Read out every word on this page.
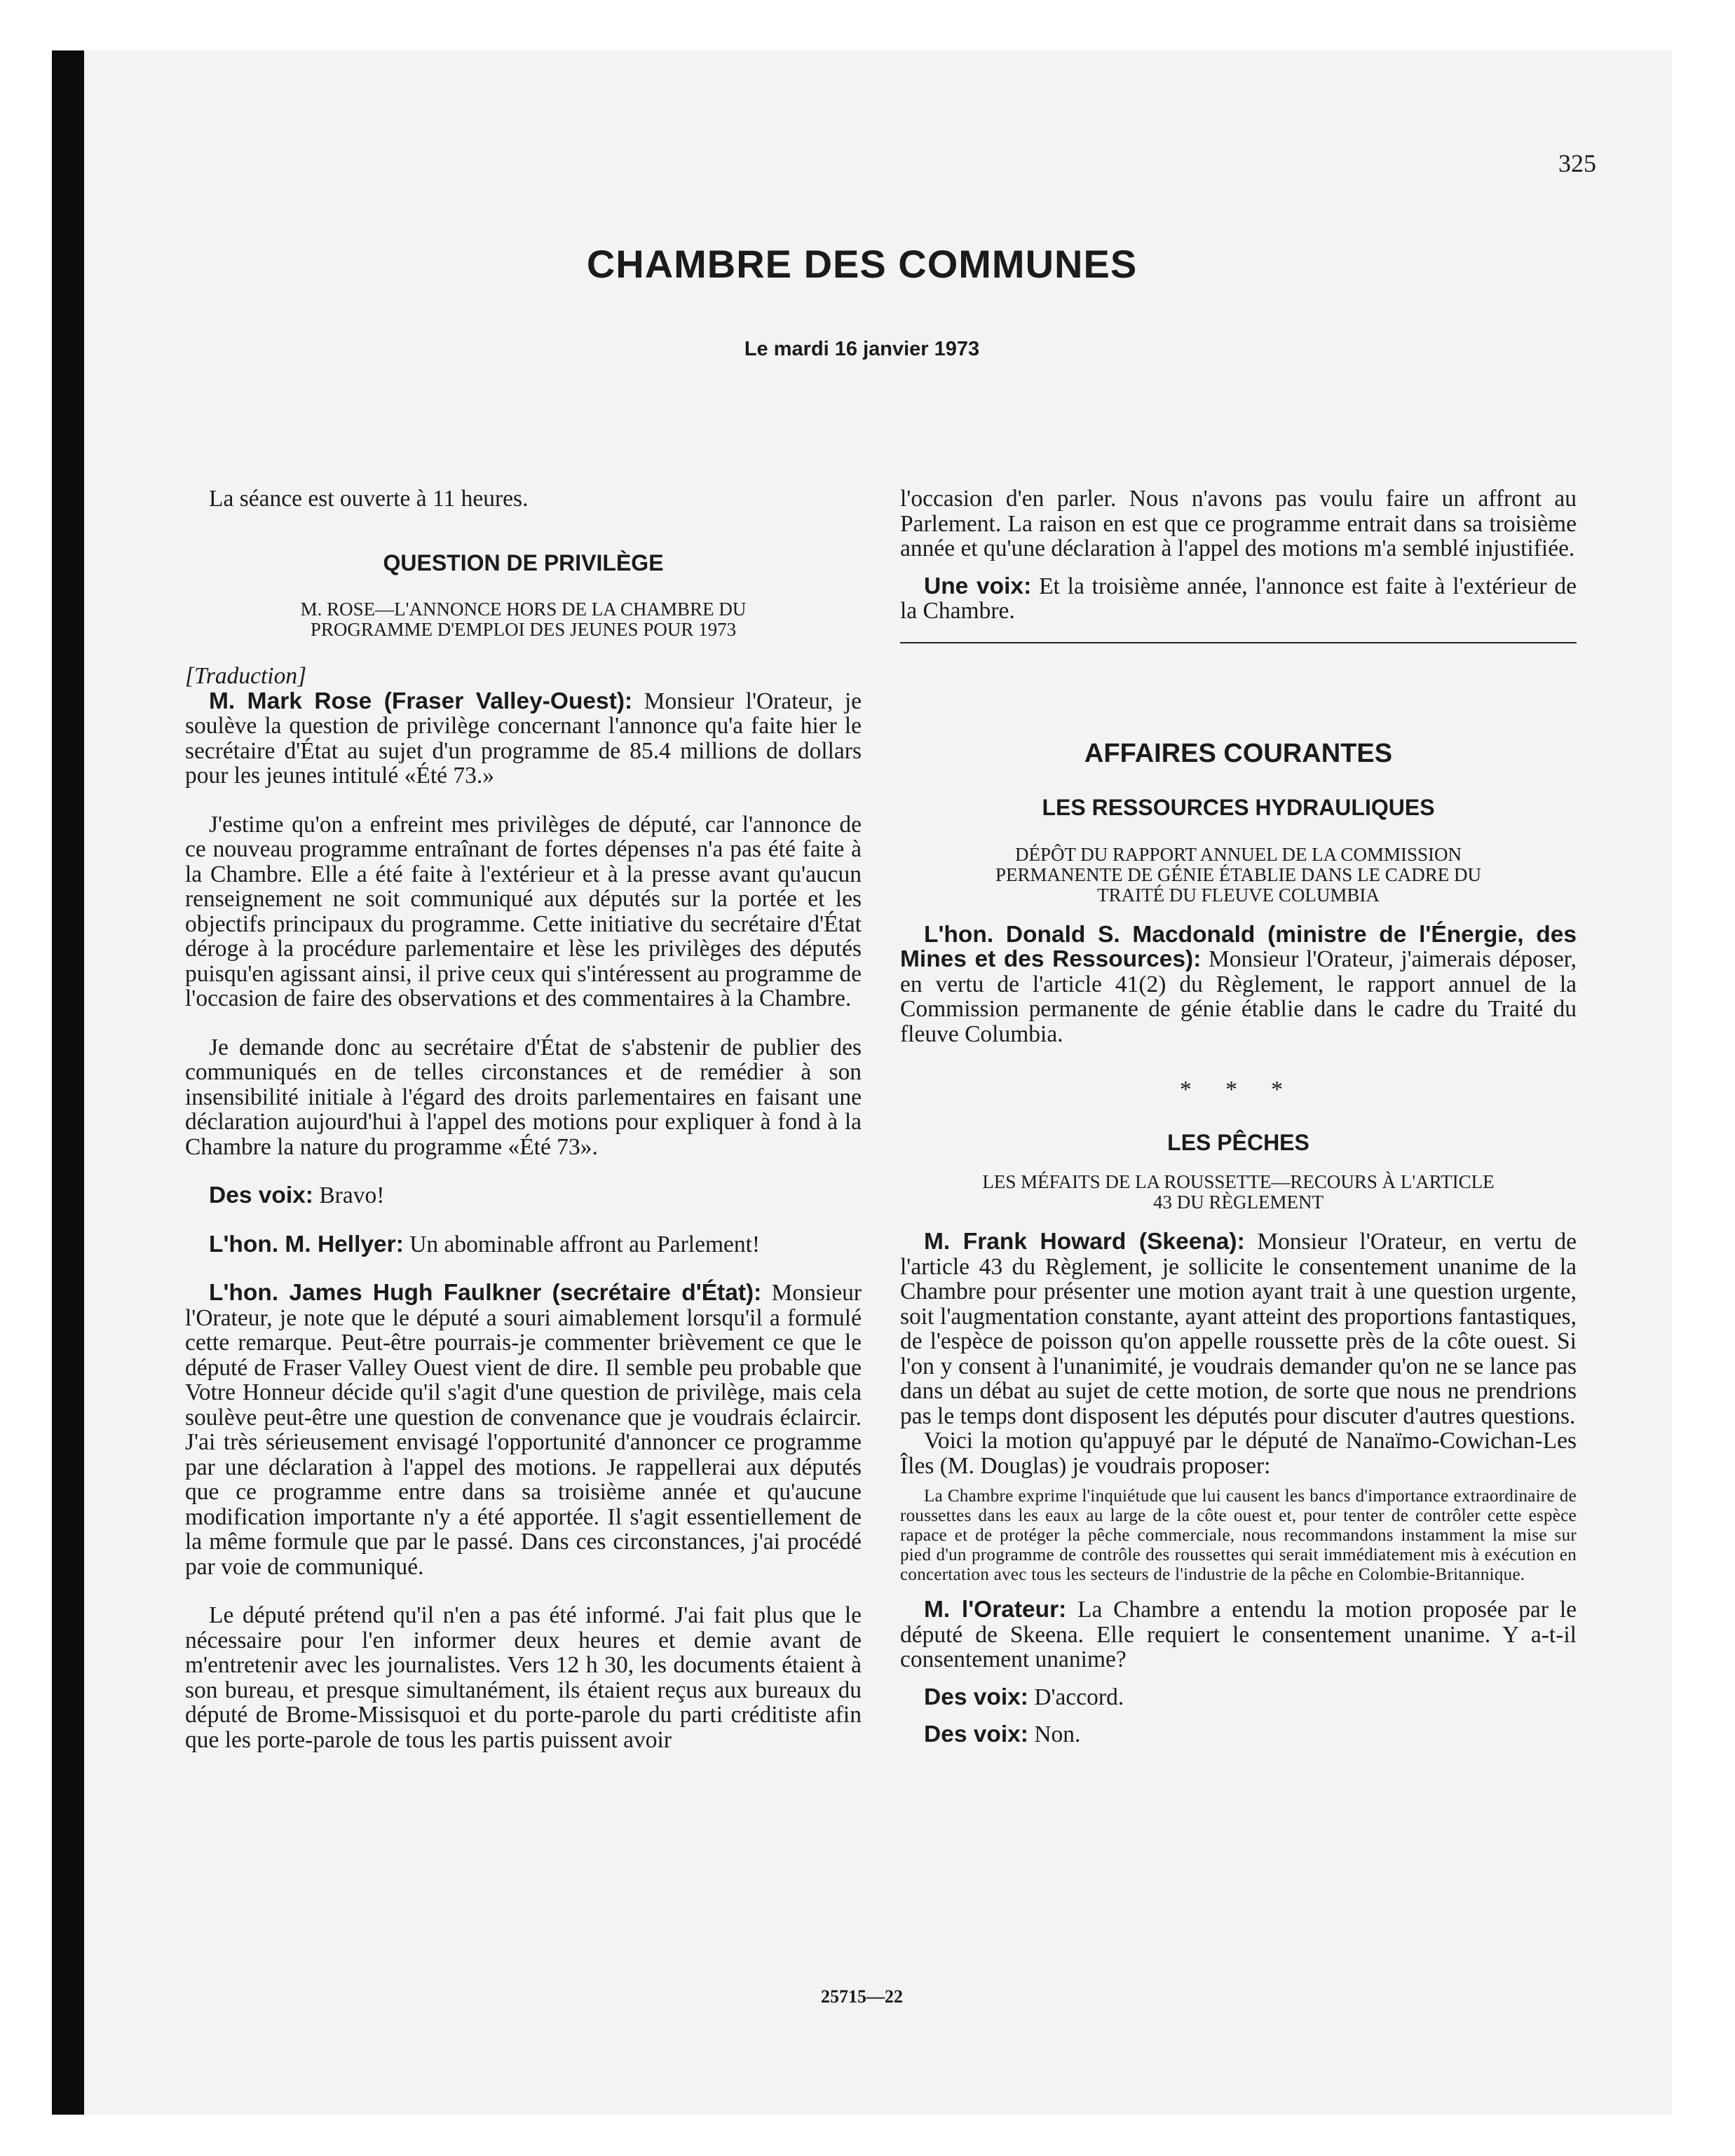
325
CHAMBRE DES COMMUNES
Le mardi 16 janvier 1973

La séance est ouverte à 11 heures.

QUESTION DE PRIVILÈGE
M. ROSE—L'ANNONCE HORS DE LA CHAMBRE DU
PROGRAMME D'EMPLOI DES JEUNES POUR 1973

[Traduction]

M. Mark Rose (Fraser Valley-Ouest): Monsieur l'Orateur, je soulève la question de privilège concernant l'annonce qu'a faite hier le secrétaire d'État au sujet d'un programme de 85.4 millions de dollars pour les jeunes intitulé «Été 73.»

J'estime qu'on a enfreint mes privilèges de député, car l'annonce de ce nouveau programme entraînant de fortes dépenses n'a pas été faite à la Chambre. Elle a été faite à l'extérieur et à la presse avant qu'aucun renseignement ne soit communiqué aux députés sur la portée et les objectifs principaux du programme. Cette initiative du secrétaire d'État déroge à la procédure parlementaire et lèse les privilèges des députés puisqu'en agissant ainsi, il prive ceux qui s'intéressent au programme de l'occasion de faire des observations et des commentaires à la Chambre.

Je demande donc au secrétaire d'État de s'abstenir de publier des communiqués en de telles circonstances et de remédier à son insensibilité initiale à l'égard des droits parlementaires en faisant une déclaration aujourd'hui à l'appel des motions pour expliquer à fond à la Chambre la nature du programme «Été 73».

Des voix: Bravo!

L'hon. M. Hellyer: Un abominable affront au Parlement!

L'hon. James Hugh Faulkner (secrétaire d'État): Monsieur l'Orateur, je note que le député a souri aimablement lorsqu'il a formulé cette remarque. Peut-être pourrais-je commenter brièvement ce que le député de Fraser Valley Ouest vient de dire. Il semble peu probable que Votre Honneur décide qu'il s'agit d'une question de privilège, mais cela soulève peut-être une question de convenance que je voudrais éclaircir. J'ai très sérieusement envisagé l'opportunité d'annoncer ce programme par une déclaration à l'appel des motions. Je rappellerai aux députés que ce programme entre dans sa troisième année et qu'aucune modification importante n'y a été apportée. Il s'agit essentiellement de la même formule que par le passé. Dans ces circonstances, j'ai procédé par voie de communiqué.

Le député prétend qu'il n'en a pas été informé. J'ai fait plus que le nécessaire pour l'en informer deux heures et demie avant de m'entretenir avec les journalistes. Vers 12 h 30, les documents étaient à son bureau, et presque simultanément, ils étaient reçus aux bureaux du député de Brome-Missisquoi et du porte-parole du parti créditiste afin que les porte-parole de tous les partis puissent avoir

l'occasion d'en parler. Nous n'avons pas voulu faire un affront au Parlement. La raison en est que ce programme entrait dans sa troisième année et qu'une déclaration à l'appel des motions m'a semblé injustifiée.

Une voix: Et la troisième année, l'annonce est faite à l'extérieur de la Chambre.

AFFAIRES COURANTES
LES RESSOURCES HYDRAULIQUES
DÉPÔT DU RAPPORT ANNUEL DE LA COMMISSION
PERMANENTE DE GÉNIE ÉTABLIE DANS LE CADRE DU
TRAITÉ DU FLEUVE COLUMBIA

L'hon. Donald S. Macdonald (ministre de l'Énergie, des Mines et des Ressources): Monsieur l'Orateur, j'aimerais déposer, en vertu de l'article 41(2) du Règlement, le rapport annuel de la Commission permanente de génie établie dans le cadre du Traité du fleuve Columbia.

* * *
LES PÊCHES
LES MÉFAITS DE LA ROUSSETTE—RECOURS À L'ARTICLE
43 DU RÈGLEMENT

M. Frank Howard (Skeena): Monsieur l'Orateur, en vertu de l'article 43 du Règlement, je sollicite le consentement unanime de la Chambre pour présenter une motion ayant trait à une question urgente, soit l'augmentation constante, ayant atteint des proportions fantastiques, de l'espèce de poisson qu'on appelle roussette près de la côte ouest. Si l'on y consent à l'unanimité, je voudrais demander qu'on ne se lance pas dans un débat au sujet de cette motion, de sorte que nous ne prendrions pas le temps dont disposent les députés pour discuter d'autres questions.

Voici la motion qu'appuyé par le député de Nanaïmo-Cowichan-Les Îles (M. Douglas) je voudrais proposer:

La Chambre exprime l'inquiétude que lui causent les bancs d'importance extraordinaire de roussettes dans les eaux au large de la côte ouest et, pour tenter de contrôler cette espèce rapace et de protéger la pêche commerciale, nous recommandons instamment la mise sur pied d'un programme de contrôle des roussettes qui serait immédiatement mis à exécution en concertation avec tous les secteurs de l'industrie de la pêche en Colombie-Britannique.

M. l'Orateur: La Chambre a entendu la motion proposée par le député de Skeena. Elle requiert le consentement unanime. Y a-t-il consentement unanime?

Des voix: D'accord.

Des voix: Non.

25715—22
